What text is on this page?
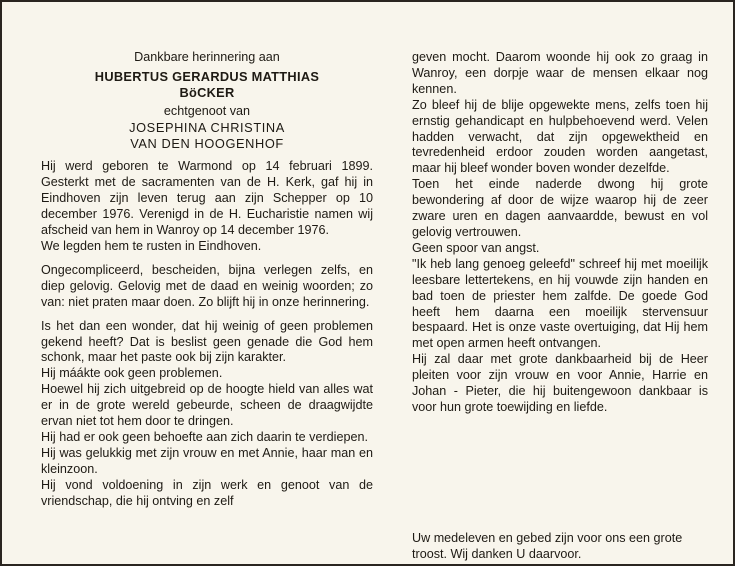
Dankbare herinnering aan
HUBERTUS GERARDUS MATTHIAS
BöCKER
echtgenoot van
JOSEPHINA CHRISTINA
VAN DEN HOOGENHOF

Hij werd geboren te Warmond op 14 februari 1899. Gesterkt met de sacramenten van de H. Kerk, gaf hij in Eindhoven zijn leven terug aan zijn Schepper op 10 december 1976. Verenigd in de H. Eucharistie namen wij afscheid van hem in Wanroy op 14 december 1976.

We legden hem te rusten in Eindhoven.

Ongecompliceerd, bescheiden, bijna verlegen zelfs, en diep gelovig. Gelovig met de daad en weinig woorden; zo van: niet praten maar doen. Zo blijft hij in onze herinnering.

Is het dan een wonder, dat hij weinig of geen problemen gekend heeft? Dat is beslist geen genade die God hem schonk, maar het paste ook bij zijn karakter.

Hij máákte ook geen problemen.

Hoewel hij zich uitgebreid op de hoogte hield van alles wat er in de grote wereld gebeurde, scheen de draagwijdte ervan niet tot hem door te dringen.

Hij had er ook geen behoefte aan zich daarin te verdiepen.

Hij was gelukkig met zijn vrouw en met Annie, haar man en kleinzoon.

Hij vond voldoening in zijn werk en genoot van de vriendschap, die hij ontving en zelf

geven mocht. Daarom woonde hij ook zo graag in Wanroy, een dorpje waar de mensen elkaar nog kennen.

Zo bleef hij de blije opgewekte mens, zelfs toen hij ernstig gehandicapt en hulpbehoevend werd. Velen hadden verwacht, dat zijn opgewektheid en tevredenheid erdoor zouden worden aangetast, maar hij bleef wonder boven wonder dezelfde.

Toen het einde naderde dwong hij grote bewondering af door de wijze waarop hij de zeer zware uren en dagen aanvaardde, bewust en vol gelovig vertrouwen.

Geen spoor van angst.

"Ik heb lang genoeg geleefd" schreef hij met moeilijk leesbare lettertekens, en hij vouwde zijn handen en bad toen de priester hem zalfde. De goede God heeft hem daarna een moeilijk stervensuur bespaard. Het is onze vaste overtuiging, dat Hij hem met open armen heeft ontvangen.

Hij zal daar met grote dankbaarheid bij de Heer pleiten voor zijn vrouw en voor Annie, Harrie en Johan - Pieter, die hij buitengewoon dankbaar is voor hun grote toewijding en liefde.

Uw medeleven en gebed zijn voor ons een grote troost. Wij danken U daarvoor.
